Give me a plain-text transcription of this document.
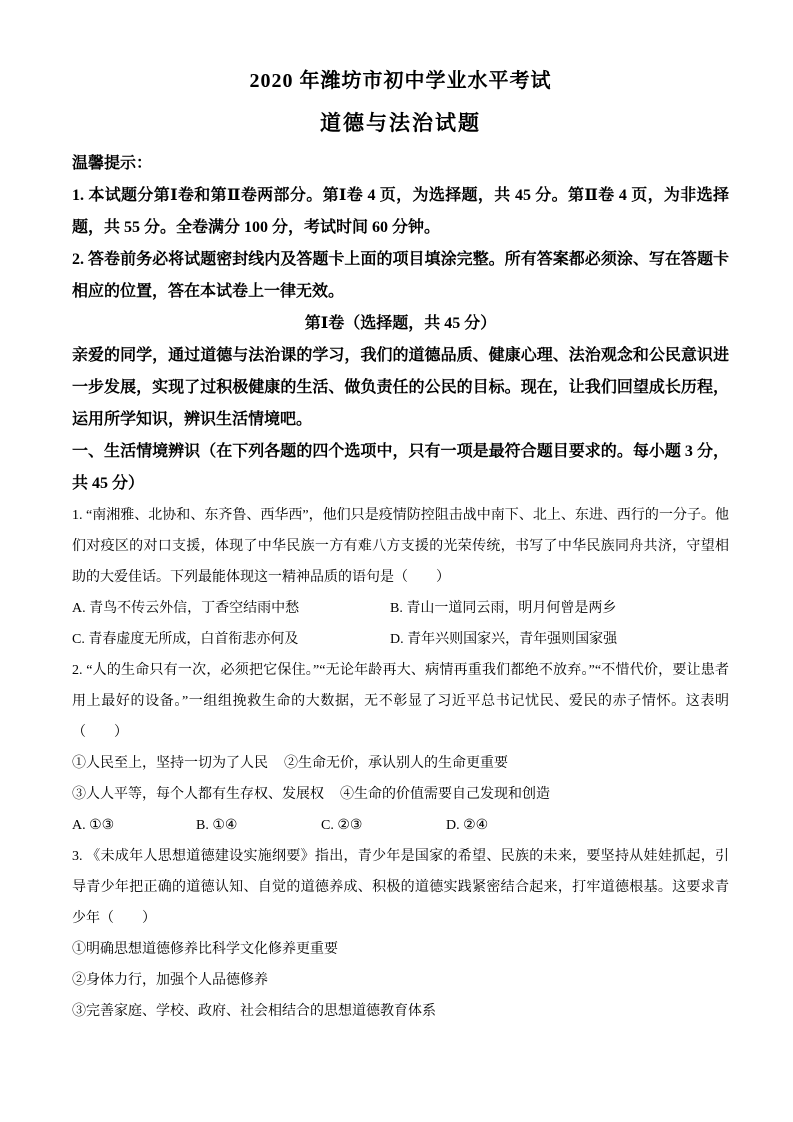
2020 年潍坊市初中学业水平考试
道德与法治试题
温馨提示：
1. 本试题分第Ⅰ卷和第Ⅱ卷两部分。第Ⅰ卷 4 页，为选择题，共 45 分。第Ⅱ卷 4 页，为非选择题，共 55 分。全卷满分 100 分，考试时间 60 分钟。
2. 答卷前务必将试题密封线内及答题卡上面的项目填涂完整。所有答案都必须涂、写在答题卡相应的位置，答在本试卷上一律无效。
第Ⅰ卷（选择题，共 45 分）
亲爱的同学，通过道德与法治课的学习，我们的道德品质、健康心理、法治观念和公民意识进一步发展，实现了过积极健康的生活、做负责任的公民的目标。现在，让我们回望成长历程，运用所学知识，辨识生活情境吧。
一、生活情境辨识（在下列各题的四个选项中，只有一项是最符合题目要求的。每小题 3 分，共 45 分）
1. “南湘雅、北协和、东齐鲁、西华西”，他们只是疫情防控阻击战中南下、北上、东进、西行的一分子。他们对疫区的对口支援，体现了中华民族一方有难八方支援的光荣传统，书写了中华民族同舟共济，守望相助的大爱佳话。下列最能体现这一精神品质的语句是（　　）
A. 青鸟不传云外信，丁香空结雨中愁	B. 青山一道同云雨，明月何曾是两乡
C. 青春虚度无所成，白首衔悲亦何及	D. 青年兴则国家兴，青年强则国家强
2. “人的生命只有一次，必须把它保住。”“无论年龄再大、病情再重我们都绝不放弃。”“不惜代价，要让患者用上最好的设备。”一组组挽救生命的大数据，无不彰显了习近平总书记忧民、爱民的赤子情怀。这表明（　　）
①人民至上，坚持一切为了人民 ②生命无价，承认别人的生命更重要
③人人平等，每个人都有生存权、发展权 ④生命的价值需要自己发现和创造
A. ①③	B. ①④	C. ②③	D. ②④
3. 《未成年人思想道德建设实施纲要》指出，青少年是国家的希望、民族的未来，要坚持从娃娃抓起，引导青少年把正确的道德认知、自觉的道德养成、积极的道德实践紧密结合起来，打牢道德根基。这要求青少年（　　）
①明确思想道德修养比科学文化修养更重要
②身体力行，加强个人品德修养
③完善家庭、学校、政府、社会相结合的思想道德教育体系
